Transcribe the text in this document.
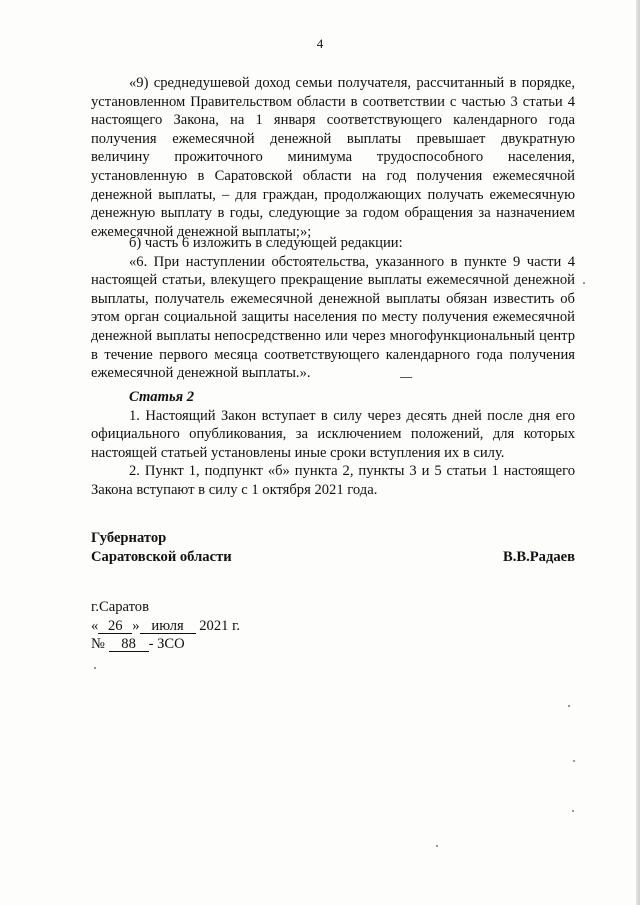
4

«9) среднедушевой доход семьи получателя, рассчитанный в порядке, установленном Правительством области в соответствии с частью 3 статьи 4 настоящего Закона, на 1 января соответствующего календарного года получения ежемесячной денежной выплаты превышает двукратную величину прожиточного минимума трудоспособного населения, установленную в Саратовской области на год получения ежемесячной денежной выплаты, – для граждан, продолжающих получать ежемесячную денежную выплату в годы, следующие за годом обращения за назначением ежемесячной денежной выплаты;»;

б) часть 6 изложить в следующей редакции:

«6. При наступлении обстоятельства, указанного в пункте 9 части 4 настоящей статьи, влекущего прекращение выплаты ежемесячной денежной выплаты, получатель ежемесячной денежной выплаты обязан известить об этом орган социальной защиты населения по месту получения ежемесячной денежной выплаты непосредственно или через многофункциональный центр в течение первого месяца соответствующего календарного года получения ежемесячной денежной выплаты.».

Статья 2

1. Настоящий Закон вступает в силу через десять дней после дня его официального опубликования, за исключением положений, для которых настоящей статьей установлены иные сроки вступления их в силу.

2. Пункт 1, подпункт «б» пункта 2, пункты 3 и 5 статьи 1 настоящего Закона вступают в силу с 1 октября 2021 года.

Губернатор
Саратовской области	В.В.Радаев
г.Саратов
« 26 » июля 2021 г.
№ 88 - ЗСО
